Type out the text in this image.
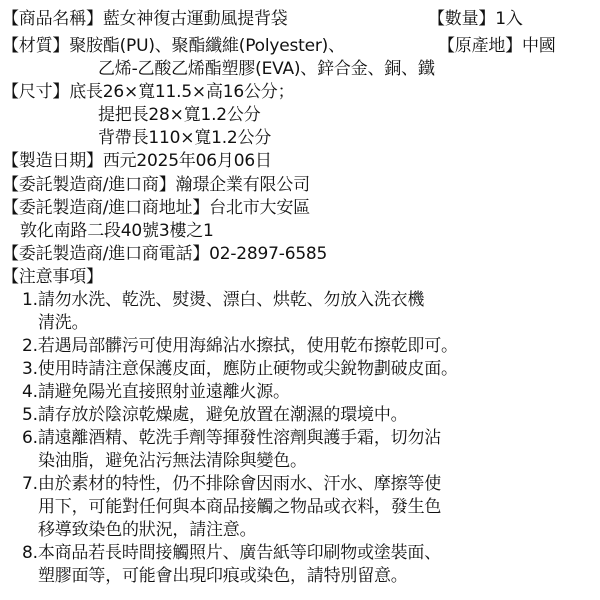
【商品名稱】藍女神復古運動風提背袋	【數量】1入
【材質】聚胺酯(PU)、聚酯纖維(Polyester)、	【原產地】中國
乙烯-乙酸乙烯酯塑膠(EVA)、鋅合金、銅、鐵
【尺寸】底長26×寬11.5×高16公分；
提把長28×寬1.2公分
背帶長110×寬1.2公分
【製造日期】西元2025年06月06日
【委託製造商/進口商】瀚璟企業有限公司
【委託製造商/進口商地址】台北市大安區
敦化南路二段40號3樓之1
【委託製造商/進口商電話】02-2897-6585
【注意事項】
1.請勿水洗、乾洗、熨燙、漂白、烘乾、勿放入洗衣機
清洗。
2.若遇局部髒污可使用海綿沾水擦拭，使用乾布擦乾即可。
3.使用時請注意保護皮面，應防止硬物或尖銳物劃破皮面。
4.請避免陽光直接照射並遠離火源。
5.請存放於陰涼乾燥處，避免放置在潮濕的環境中。
6.請遠離酒精、乾洗手劑等揮發性溶劑與護手霜，切勿沾
染油脂，避免沾污無法清除與變色。
7.由於素材的特性，仍不排除會因雨水、汗水、摩擦等使
用下，可能對任何與本商品接觸之物品或衣料，發生色
移導致染色的狀況，請注意。
8.本商品若長時間接觸照片、廣告紙等印刷物或塗裝面、
塑膠面等，可能會出現印痕或染色，請特別留意。
